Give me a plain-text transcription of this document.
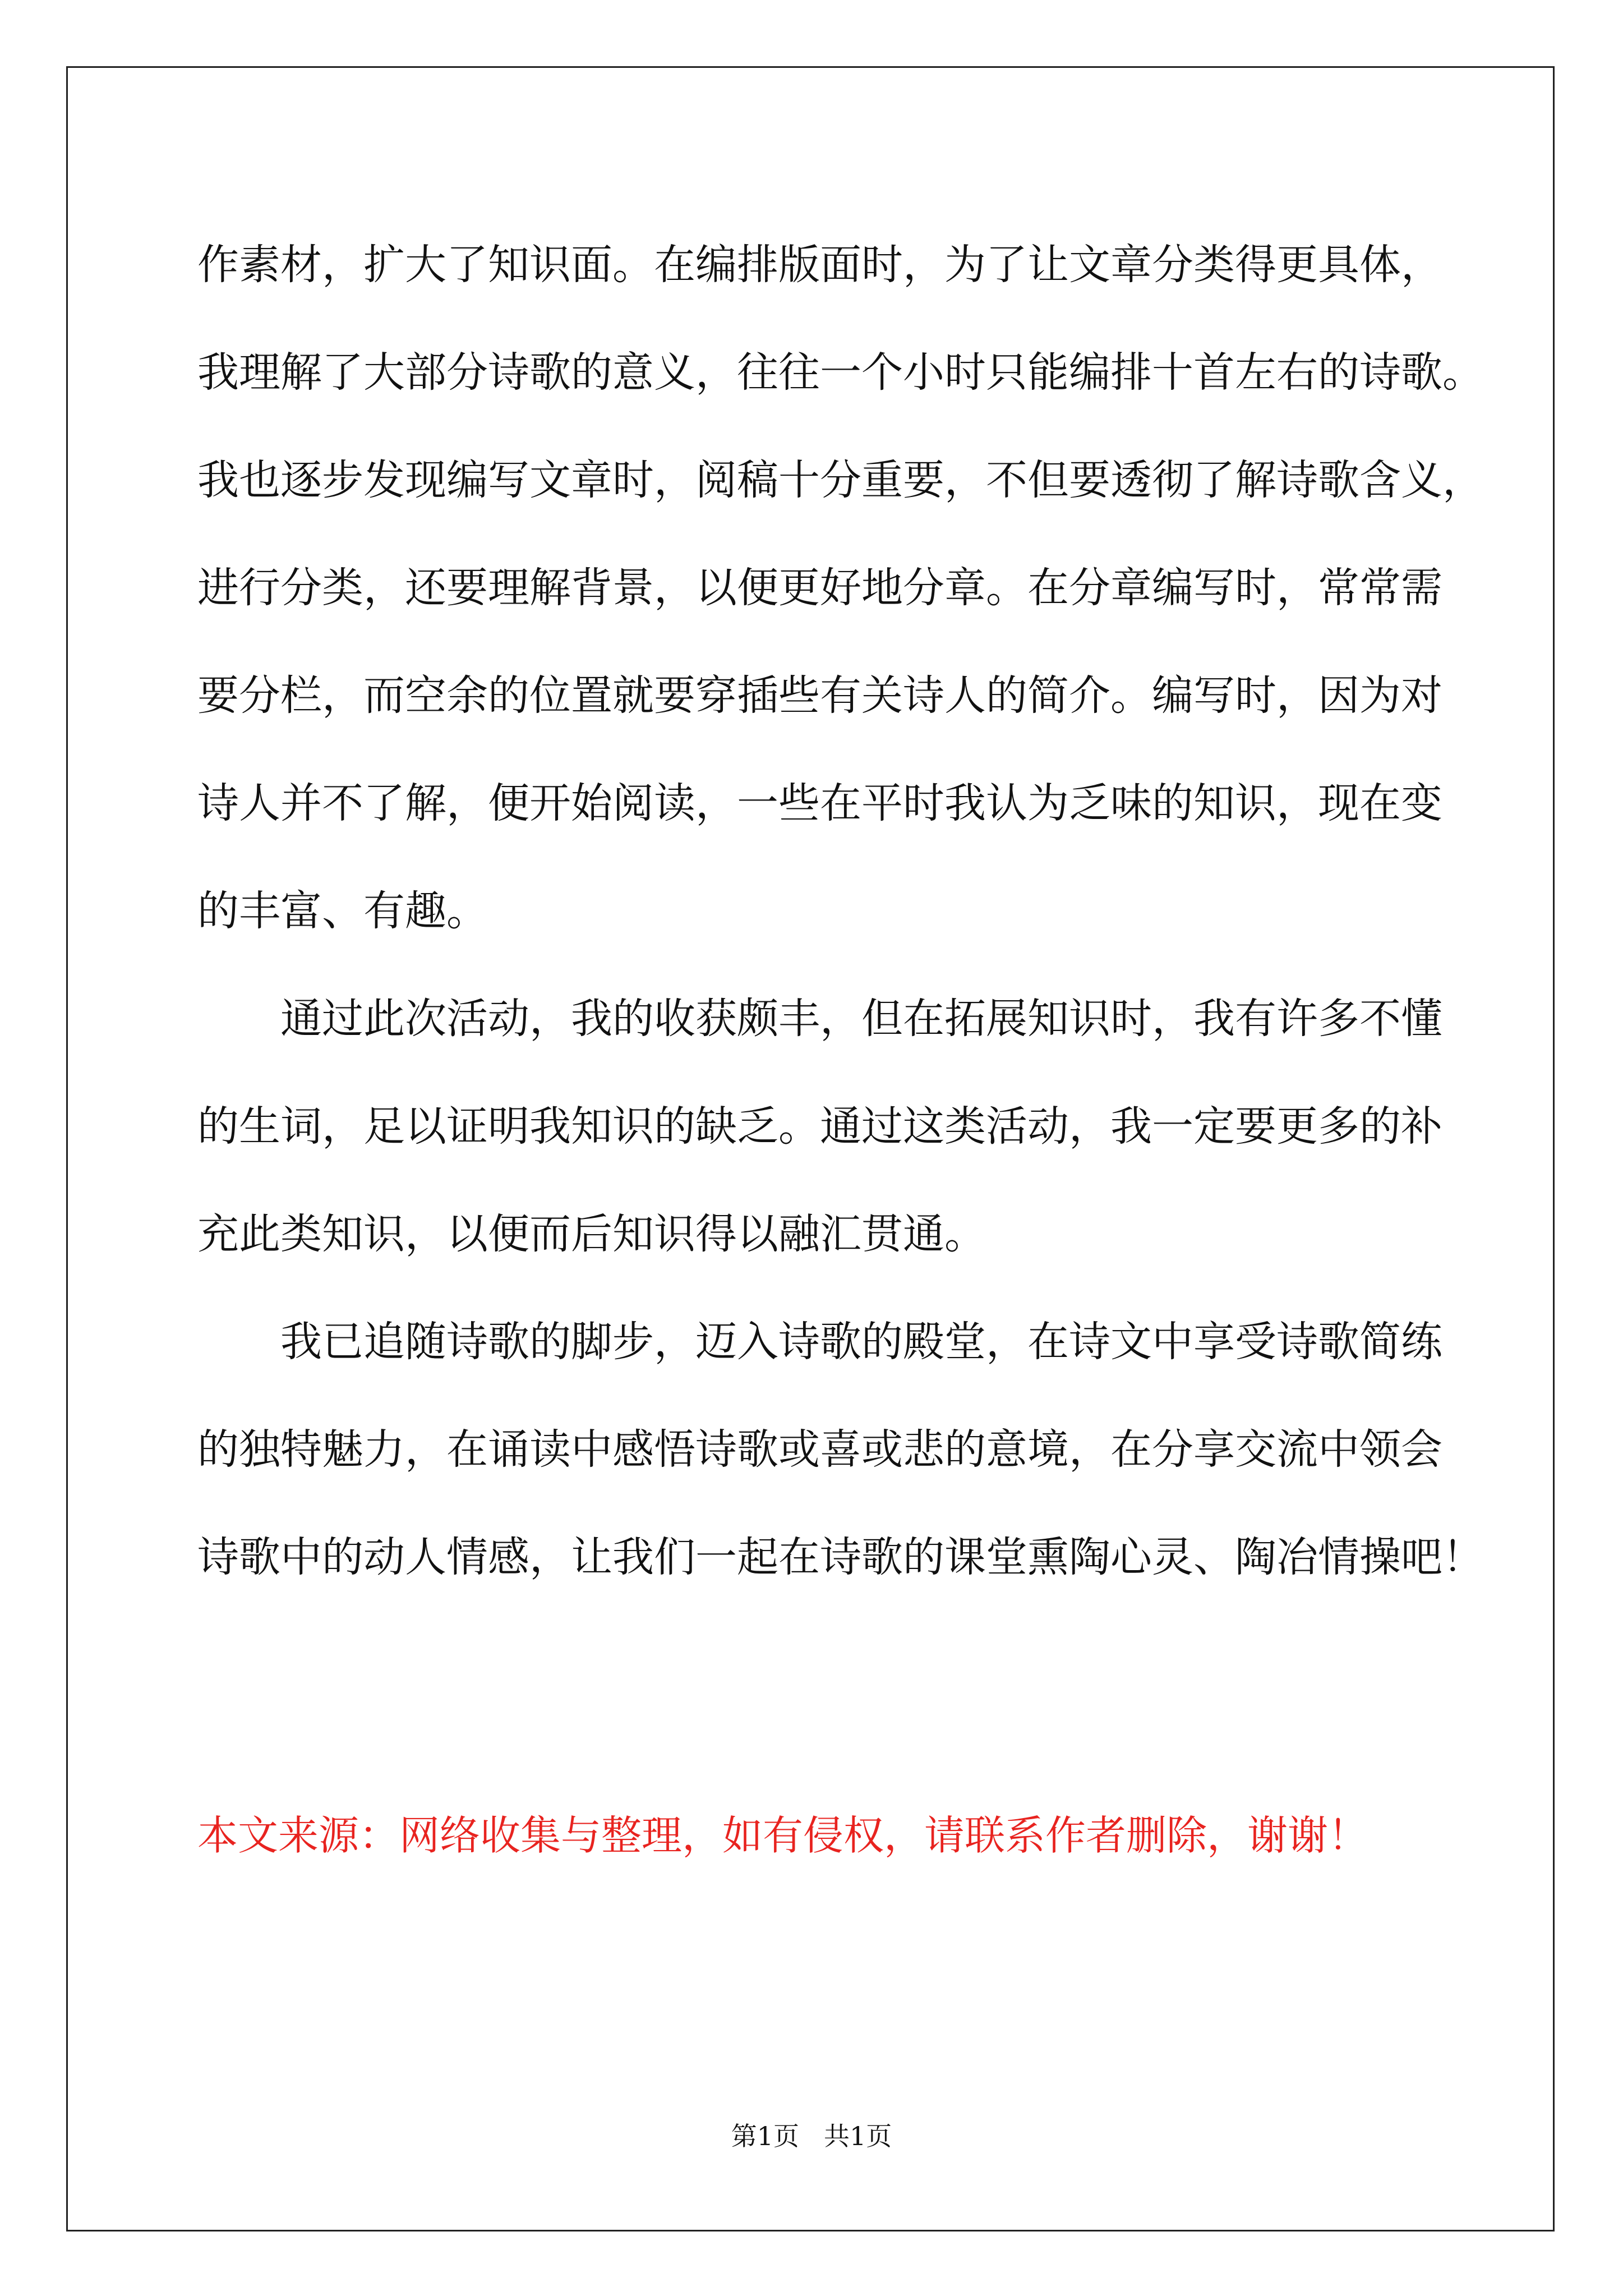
作素材，扩大了知识面。在编排版面时，为了让文章分类得更具体，
我理解了大部分诗歌的意义，往往一个小时只能编排十首左右的诗歌。
我也逐步发现编写文章时，阅稿十分重要，不但要透彻了解诗歌含义，
进行分类，还要理解背景，以便更好地分章。在分章编写时，常常需
要分栏，而空余的位置就要穿插些有关诗人的简介。编写时，因为对
诗人并不了解，便开始阅读，一些在平时我认为乏味的知识，现在变
的丰富、有趣。
通过此次活动，我的收获颇丰，但在拓展知识时，我有许多不懂
的生词，足以证明我知识的缺乏。通过这类活动，我一定要更多的补
充此类知识，以便而后知识得以融汇贯通。
我已追随诗歌的脚步，迈入诗歌的殿堂，在诗文中享受诗歌简练
的独特魅力，在诵读中感悟诗歌或喜或悲的意境，在分享交流中领会
诗歌中的动人情感，让我们一起在诗歌的课堂熏陶心灵、陶冶情操吧！
本文来源：网络收集与整理，如有侵权，请联系作者删除，谢谢！
第1页 共1页
